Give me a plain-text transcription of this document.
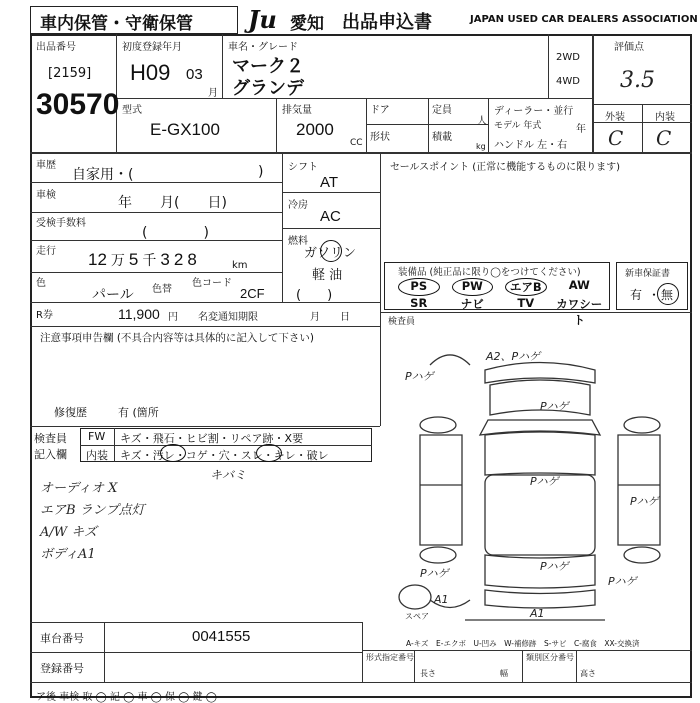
車内保管・守衛保管 Ju 愛知 出品申込書	JAPAN USED CAR DEALERS ASSOCIATION
出品番号
[2159]
30570
初度登録年月
H09 03
月
車名・グレード
マーク２
グランデ
2WD
4WD
評価点
3.5
外装	内装
C C
型式
E-GX100
排気量
2000
CC
ドア
形状
定員
人
積載
kg
ディーラー・並行
モデル 年式	年
ハンドル 左・右
車歴
自家用・(	)
車検	年　　月(　　日)
受検手数料
(　　　　)
走行 12 万 5 千 3 2 8	km
色
パール 色替
色コード
2CF
R券	11,900 円 名変通知期限	月　　日
シフト
AT
冷房
AC
燃料
ガソリン
軽 油
(　　)
セールスポイント (正常に機能するものに限ります)
装備品 (純正品に限り◯をつけてください)
PS	PW	エアB	AW
SR	ナビ	TV	カワシート
新車保証書
有 ・ 無
検査員
注意事項申告欄 (不具合内容等は具体的に記入して下さい)
修復歴	有 (箇所
検査員
記入欄
FW キズ・飛石・ヒビ割・リペア跡・X要
内装 キズ・汚レ・コゲ・穴・スレ・キレ・破レ
キバミ
オーディオ X
エアB ランプ点灯
A/W キズ
ボディA1
A2、Pハゲ
Pハゲ
Pハゲ
Pハゲ
Pハゲ
Pハゲ
Pハゲ
Pハゲ
A1
A1
スペア
A-キズ　E-エクボ　U-凹み　W-補修跡　S-サビ　C-腐食　XX-交換済
車台番号	0041555
登録番号
形式指定番号	類別区分番号
長さ	幅	高さ
ア後 車検 取 ◯ 記 ◯ 車 ◯ 保 ◯ 鍵 ◯
